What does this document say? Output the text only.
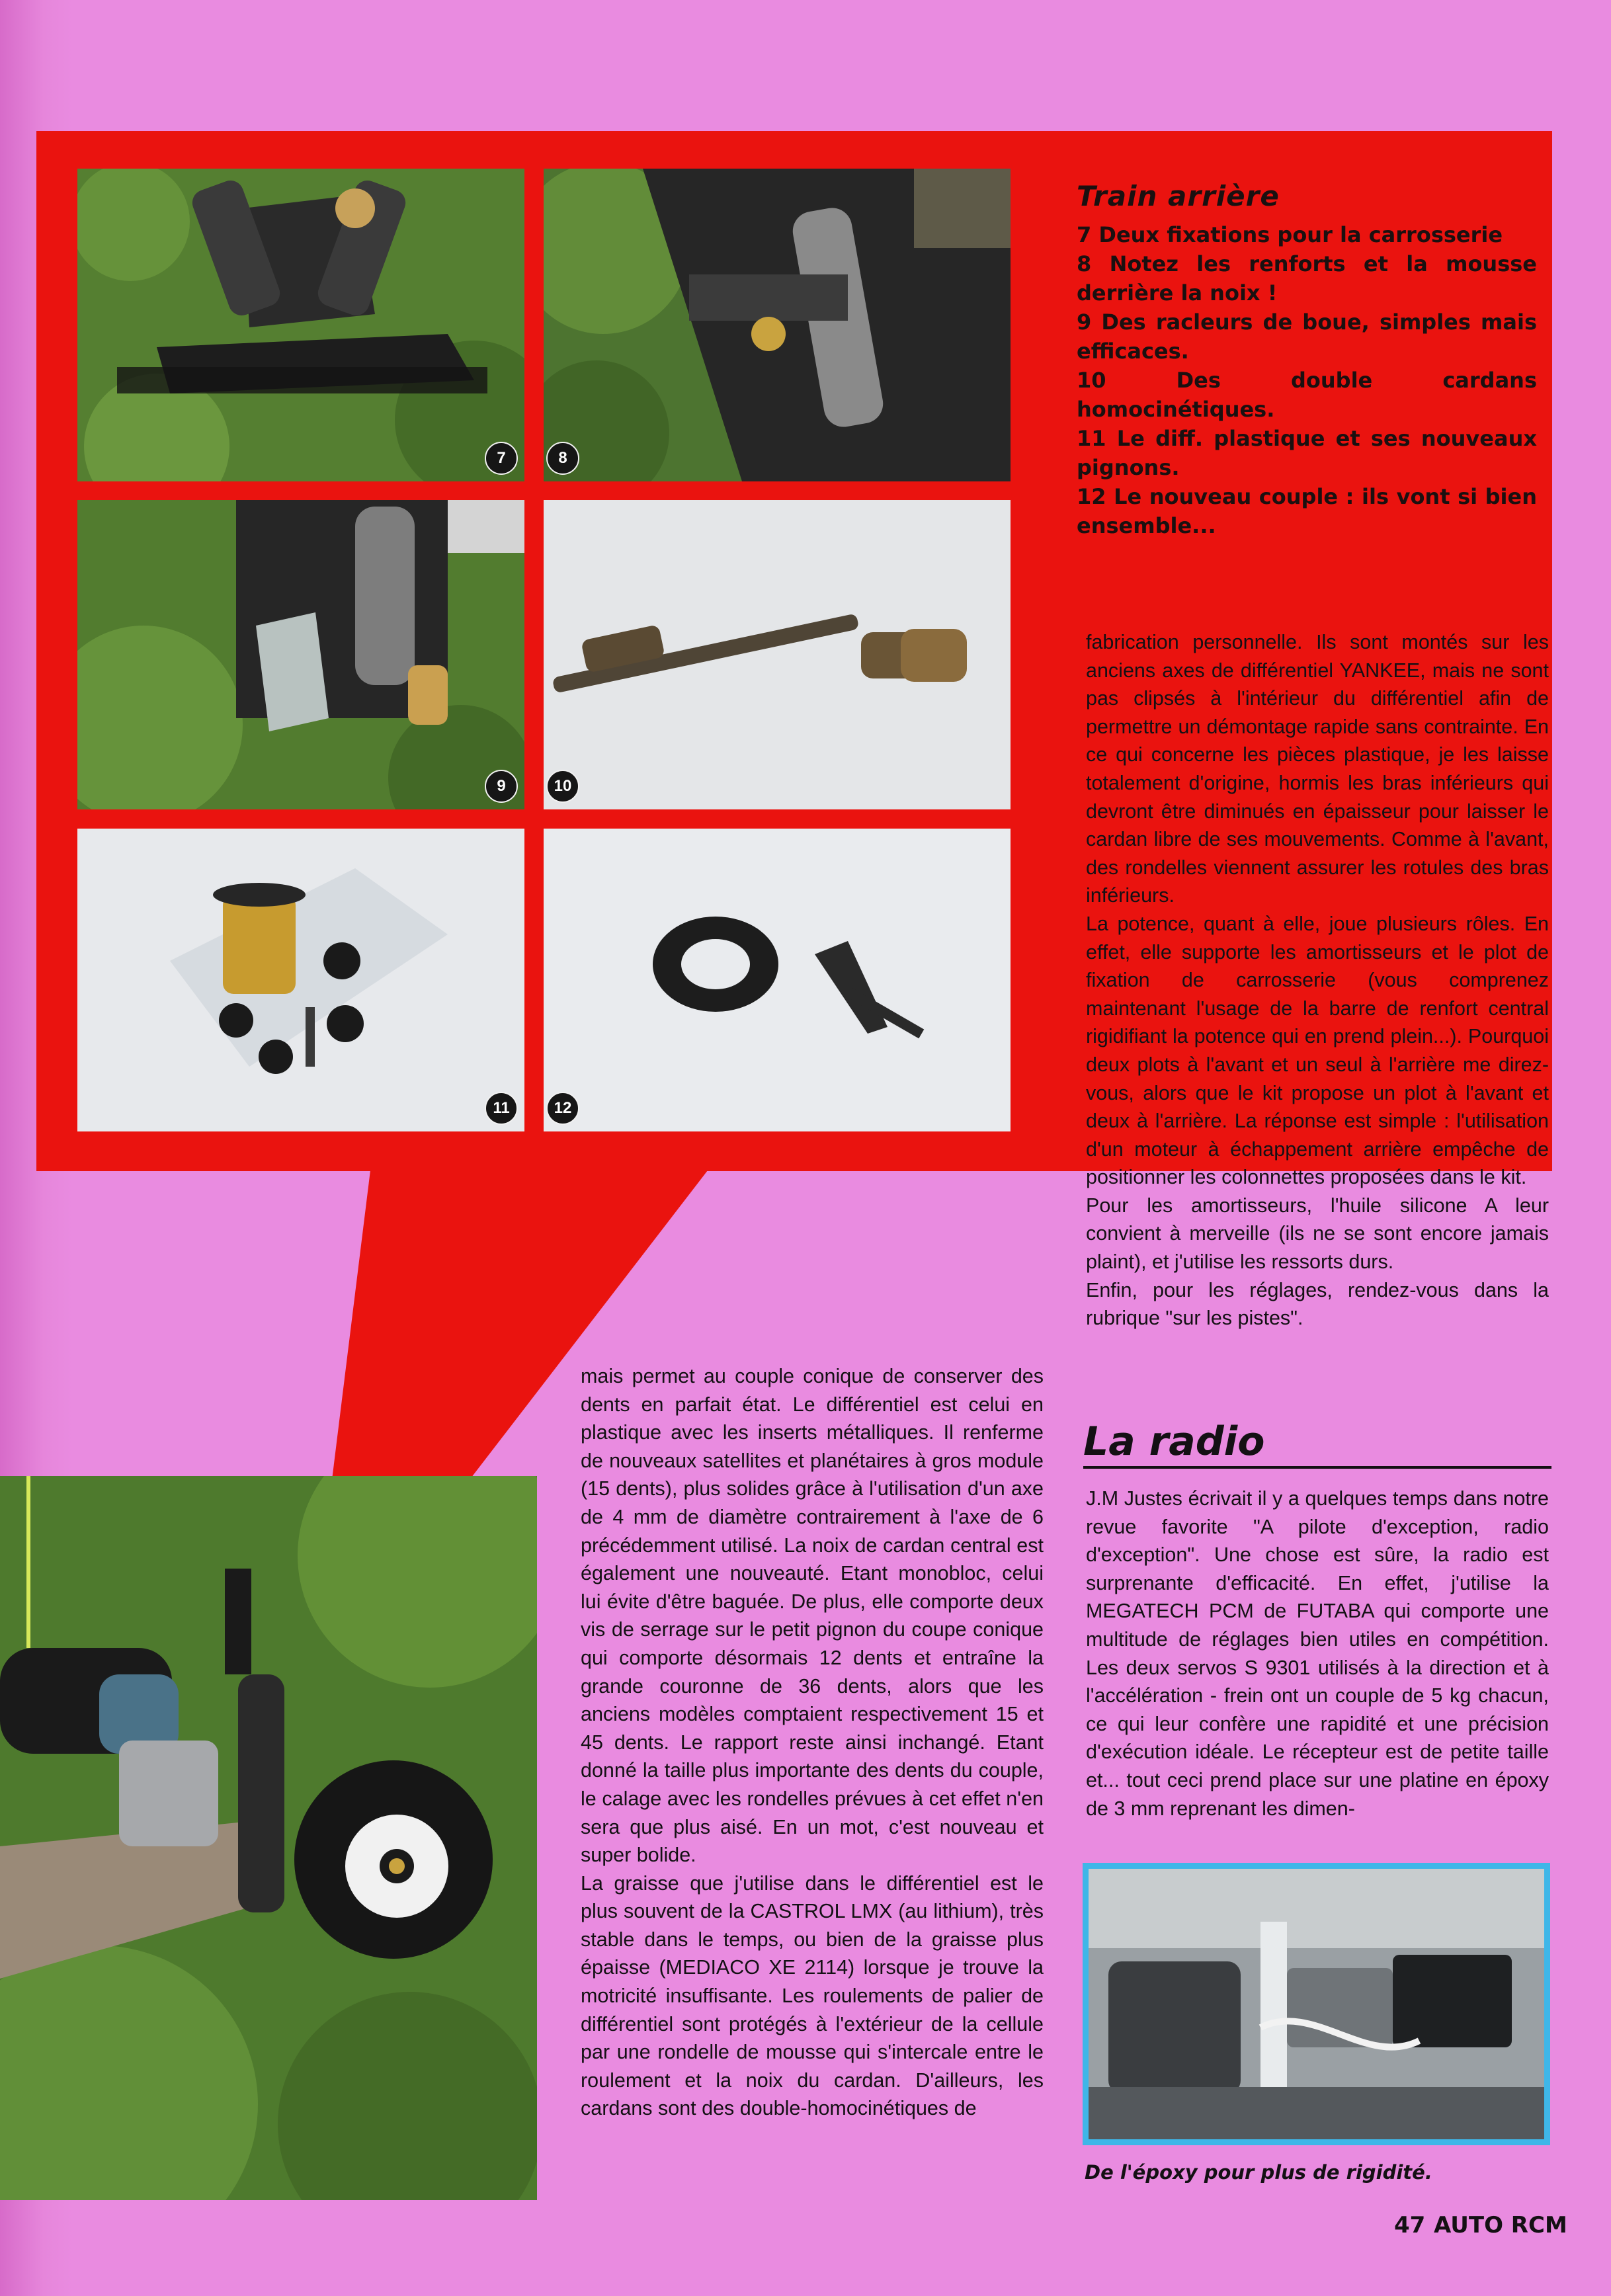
7	8
9	10
11	12
Train arrière

7 Deux fixations pour la carrosserie

8 Notez les renforts et la mousse derrière la noix !

9 Des racleurs de boue, simples mais efficaces.

10 Des double cardans homocinétiques.

11 Le diff. plastique et ses nouveaux pignons.

12 Le nouveau couple : ils vont si bien ensemble...

fabrication personnelle. Ils sont montés sur les anciens axes de différentiel YANKEE, mais ne sont pas clipsés à l'intérieur du différentiel afin de permettre un démontage rapide sans contrainte. En ce qui concerne les pièces plastique, je les laisse totalement d'origine, hormis les bras inférieurs qui devront être diminués en épaisseur pour laisser le cardan libre de ses mouvements. Comme à l'avant, des rondelles viennent assurer les rotules des bras inférieurs.

La potence, quant à elle, joue plusieurs rôles. En effet, elle supporte les amortisseurs et le plot de fixation de carrosserie (vous comprenez maintenant l'usage de la barre de renfort central rigidifiant la potence qui en prend plein...). Pourquoi deux plots à l'avant et un seul à l'arrière me direz-vous, alors que le kit propose un plot à l'avant et deux à l'arrière. La réponse est simple : l'utilisation d'un moteur à échappement arrière empêche de positionner les colonnettes proposées dans le kit.

Pour les amortisseurs, l'huile silicone A leur convient à merveille (ils ne se sont encore jamais plaint), et j'utilise les ressorts durs.

Enfin, pour les réglages, rendez-vous dans la rubrique "sur les pistes".

mais permet au couple conique de conserver des dents en parfait état. Le différentiel est celui en plastique avec les inserts métalliques. Il renferme de nouveaux satellites et planétaires à gros module (15 dents), plus solides grâce à l'utilisation d'un axe de 4 mm de diamètre contrairement à l'axe de 6 précédemment utilisé. La noix de cardan central est également une nouveauté. Etant monobloc, celui lui évite d'être baguée. De plus, elle comporte deux vis de serrage sur le petit pignon du coupe conique qui comporte désormais 12 dents et entraîne la grande couronne de 36 dents, alors que les anciens modèles comptaient respectivement 15 et 45 dents. Le rapport reste ainsi inchangé. Etant donné la taille plus importante des dents du couple, le calage avec les rondelles prévues à cet effet n'en sera que plus aisé. En un mot, c'est nouveau et super bolide.

La graisse que j'utilise dans le différentiel est le plus souvent de la CASTROL LMX (au lithium), très stable dans le temps, ou bien de la graisse plus épaisse (MEDIACO XE 2114) lorsque je trouve la motricité insuffisante. Les roulements de palier de différentiel sont protégés à l'extérieur de la cellule par une rondelle de mousse qui s'intercale entre le roulement et la noix du cardan. D'ailleurs, les cardans sont des double-homocinétiques de

La radio

J.M Justes écrivait il y a quelques temps dans notre revue favorite "A pilote d'exception, radio d'exception". Une chose est sûre, la radio est surprenante d'efficacité. En effet, j'utilise la MEGATECH PCM de FUTABA qui comporte une multitude de réglages bien utiles en compétition. Les deux servos S 9301 utilisés à la direction et à l'accélération - frein ont un couple de 5 kg chacun, ce qui leur confère une rapidité et une précision d'exécution idéale. Le récepteur est de petite taille et... tout ceci prend place sur une platine en époxy de 3 mm reprenant les dimen-

De l'époxy pour plus de rigidité.
47 AUTO RCM
